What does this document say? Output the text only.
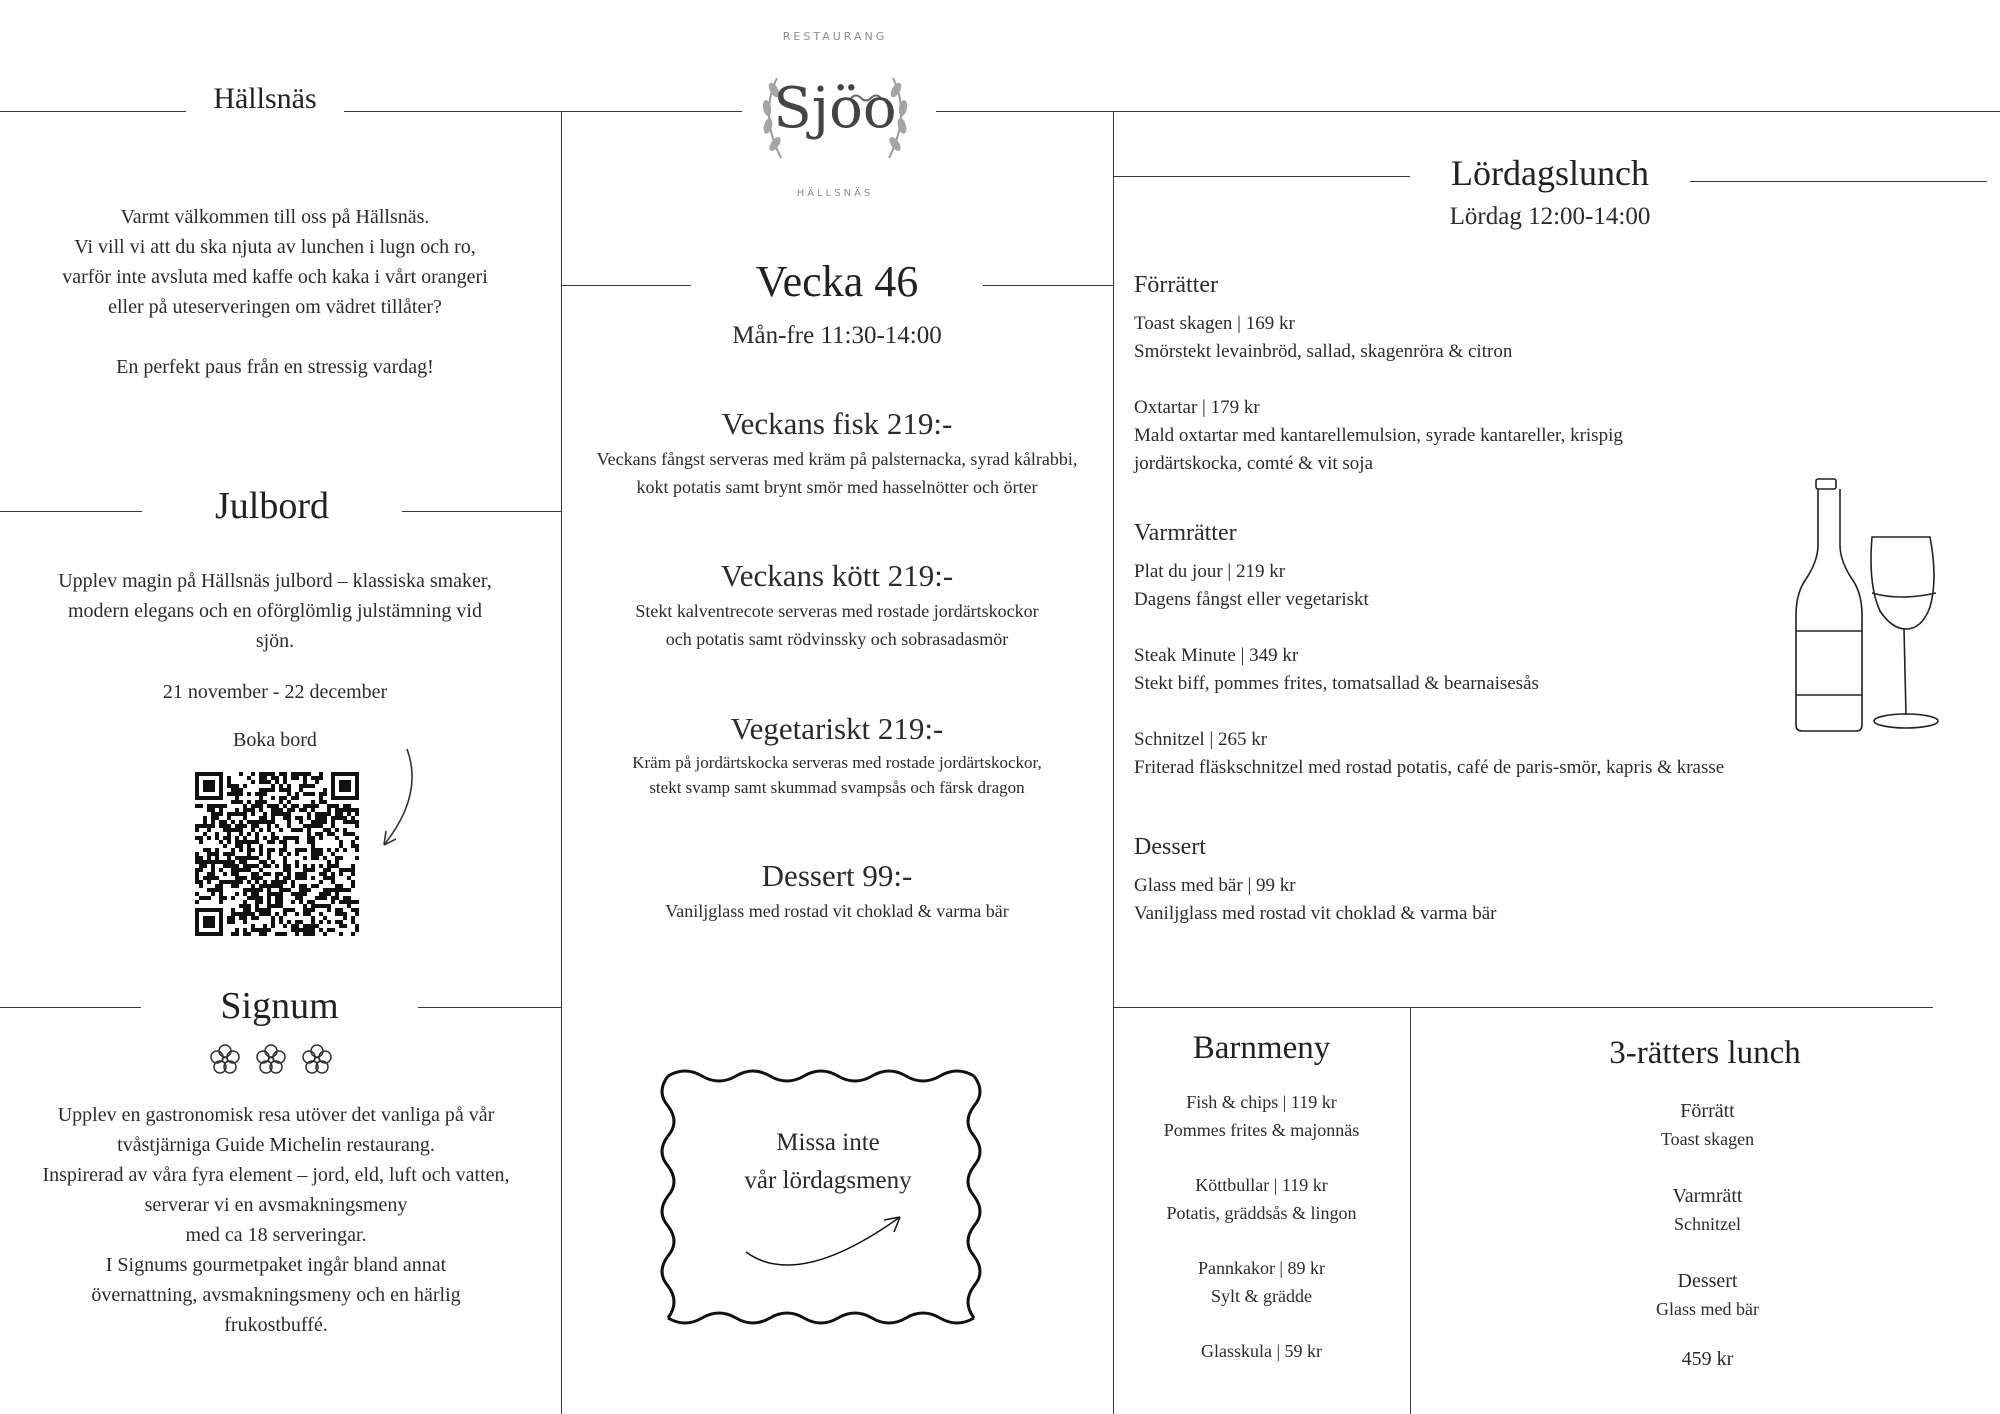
RESTAURANG
Sjöo
HÄLLSNÄS
Hällsnäs
Varmt välkommen till oss på Hällsnäs.
Vi vill vi att du ska njuta av lunchen i lugn och ro,
varför inte avsluta med kaffe och kaka i vårt orangeri
eller på uteserveringen om vädret tillåter?
En perfekt paus från en stressig vardag!
Julbord
Upplev magin på Hällsnäs julbord – klassiska smaker,
modern elegans och en oförglömlig julstämning vid
sjön.
21 november - 22 december
Boka bord
Signum
Upplev en gastronomisk resa utöver det vanliga på vår
tvåstjärniga Guide Michelin restaurang.
Inspirerad av våra fyra element – jord, eld, luft och vatten,
serverar vi en avsmakningsmeny
med ca 18 serveringar.
I Signums gourmetpaket ingår bland annat
övernattning, avsmakningsmeny och en härlig
frukostbuffé.
Vecka 46
Mån-fre 11:30-14:00
Veckans fisk 219:-
Veckans fångst serveras med kräm på palsternacka, syrad kålrabbi,
kokt potatis samt brynt smör med hasselnötter och örter
Veckans kött 219:-
Stekt kalventrecote serveras med rostade jordärtskockor
och potatis samt rödvinssky och sobrasadasmör
Vegetariskt 219:-
Kräm på jordärtskocka serveras med rostade jordärtskockor,
stekt svamp samt skummad svampsås och färsk dragon
Dessert 99:-
Vaniljglass med rostad vit choklad & varma bär
Missa inte
vår lördagsmeny
Lördagslunch
Lördag 12:00-14:00
Förrätter
Toast skagen | 169 kr
Smörstekt levainbröd, sallad, skagenröra & citron
Oxtartar | 179 kr
Mald oxtartar med kantarellemulsion, syrade kantareller, krispig
jordärtskocka, comté & vit soja
Varmrätter
Plat du jour | 219 kr
Dagens fångst eller vegetariskt
Steak Minute | 349 kr
Stekt biff, pommes frites, tomatsallad & bearnaisesås
Schnitzel | 265 kr
Friterad fläskschnitzel med rostad potatis, café de paris-smör, kapris & krasse
Dessert
Glass med bär | 99 kr
Vaniljglass med rostad vit choklad & varma bär
Barnmeny
Fish & chips | 119 kr
Pommes frites & majonnäs
Köttbullar | 119 kr
Potatis, gräddsås & lingon
Pannkakor | 89 kr
Sylt & grädde
Glasskula | 59 kr
3-rätters lunch
Förrätt
Toast skagen
Varmrätt
Schnitzel
Dessert
Glass med bär
459 kr
